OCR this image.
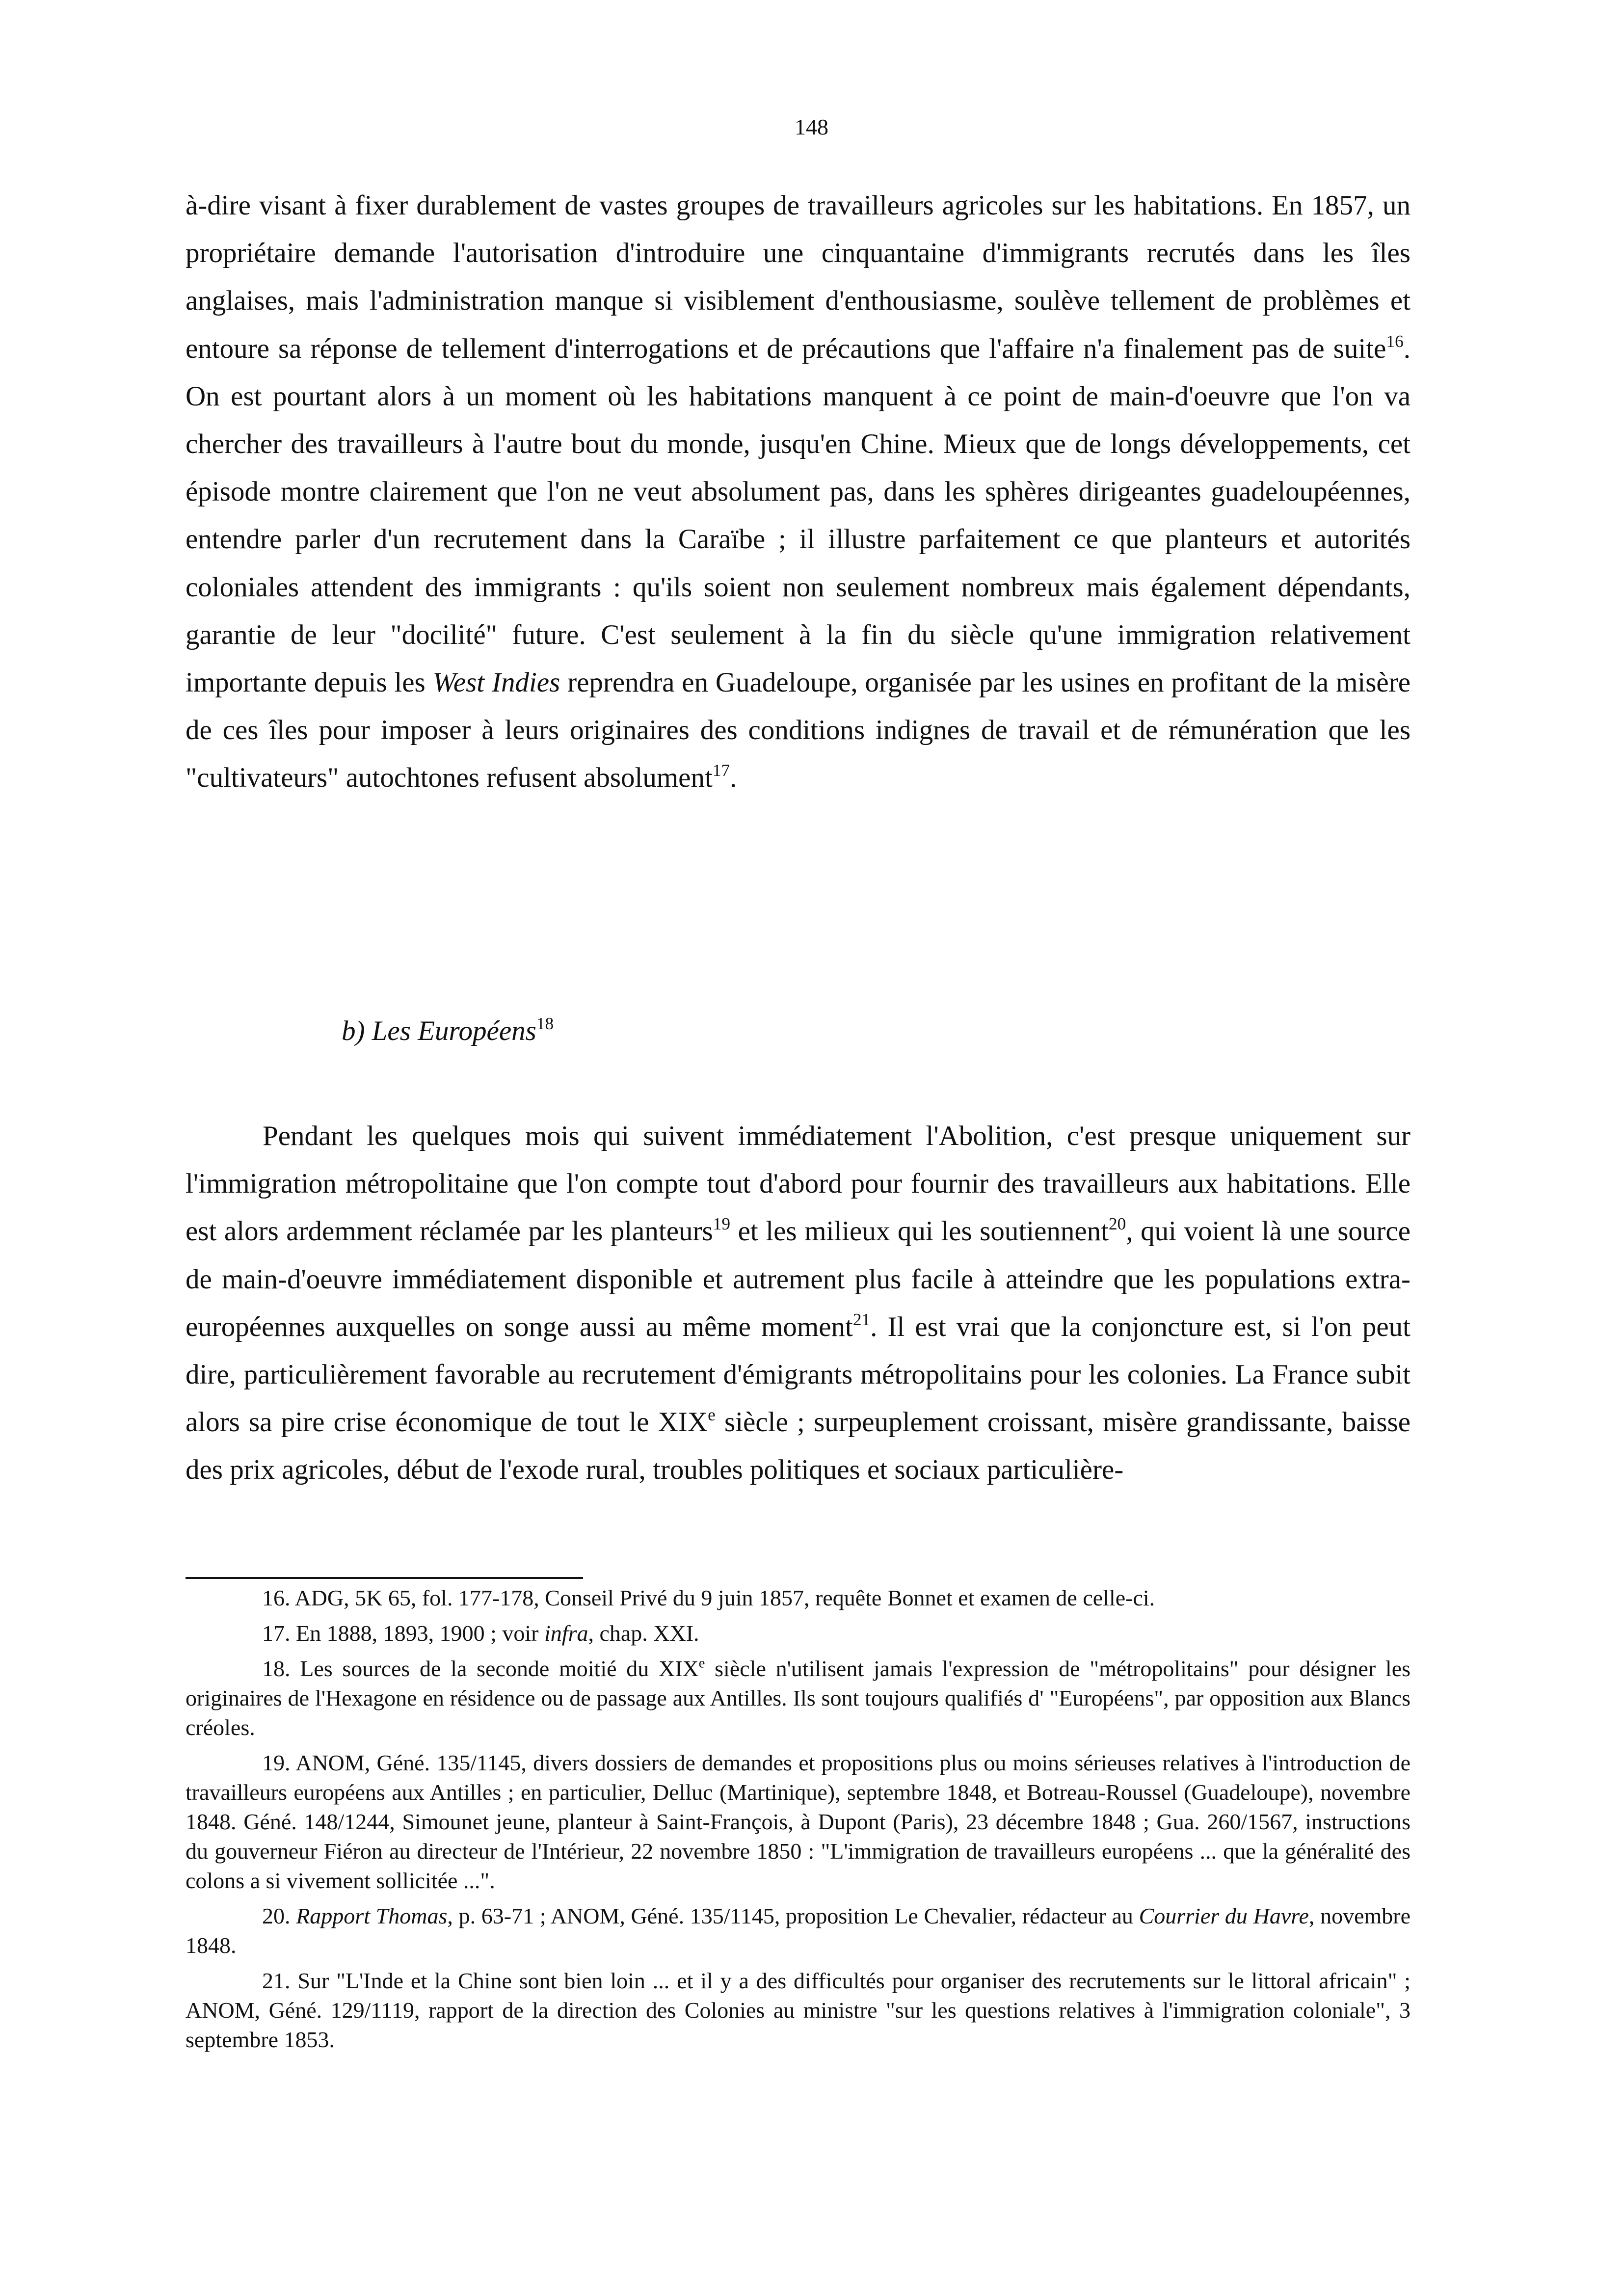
148

à-dire visant à fixer durablement de vastes groupes de travailleurs agricoles sur les habitations. En 1857, un propriétaire demande l'autorisation d'introduire une cinquantaine d'immigrants recrutés dans les îles anglaises, mais l'administration manque si visiblement d'enthousiasme, soulève tellement de problèmes et entoure sa réponse de tellement d'interrogations et de précautions que l'affaire n'a finalement pas de suite$^{16}$. On est pourtant alors à un moment où les habitations manquent à ce point de main-d'oeuvre que l'on va chercher des travailleurs à l'autre bout du monde, jusqu'en Chine. Mieux que de longs développements, cet épisode montre clairement que l'on ne veut absolument pas, dans les sphères dirigeantes guadeloupéennes, entendre parler d'un recrutement dans la Caraïbe ; il illustre parfaitement ce que planteurs et autorités coloniales attendent des immigrants : qu'ils soient non seulement nombreux mais également dépendants, garantie de leur "docilité" future. C'est seulement à la fin du siècle qu'une immigration relativement importante depuis les West Indies reprendra en Guadeloupe, organisée par les usines en profitant de la misère de ces îles pour imposer à leurs originaires des conditions indignes de travail et de rémunération que les "cultivateurs" autochtones refusent absolument$^{17}$.

b) Les Européens$^{18}$

Pendant les quelques mois qui suivent immédiatement l'Abolition, c'est presque uniquement sur l'immigration métropolitaine que l'on compte tout d'abord pour fournir des travailleurs aux habitations. Elle est alors ardemment réclamée par les planteurs$^{19}$ et les milieux qui les soutiennent$^{20}$, qui voient là une source de main-d'oeuvre immédiatement disponible et autrement plus facile à atteindre que les populations extra-européennes auxquelles on songe aussi au même moment$^{21}$. Il est vrai que la conjoncture est, si l'on peut dire, particulièrement favorable au recrutement d'émigrants métropolitains pour les colonies. La France subit alors sa pire crise économique de tout le XIXe siècle ; surpeuplement croissant, misère grandissante, baisse des prix agricoles, début de l'exode rural, troubles politiques et sociaux particulière-

16. ADG, 5K 65, fol. 177-178, Conseil Privé du 9 juin 1857, requête Bonnet et examen de celle-ci.

17. En 1888, 1893, 1900 ; voir infra, chap. XXI.

18. Les sources de la seconde moitié du XIXe siècle n'utilisent jamais l'expression de "métropolitains" pour désigner les originaires de l'Hexagone en résidence ou de passage aux Antilles. Ils sont toujours qualifiés d' "Européens", par opposition aux Blancs créoles.

19. ANOM, Géné. 135/1145, divers dossiers de demandes et propositions plus ou moins sérieuses relatives à l'introduction de travailleurs européens aux Antilles ; en particulier, Delluc (Martinique), septembre 1848, et Botreau-Roussel (Guadeloupe), novembre 1848. Géné. 148/1244, Simounet jeune, planteur à Saint-François, à Dupont (Paris), 23 décembre 1848 ; Gua. 260/1567, instructions du gouverneur Fiéron au directeur de l'Intérieur, 22 novembre 1850 : "L'immigration de travailleurs européens ... que la généralité des colons a si vivement sollicitée ...".

20. Rapport Thomas, p. 63-71 ; ANOM, Géné. 135/1145, proposition Le Chevalier, rédacteur au Courrier du Havre, novembre 1848.

21. Sur "L'Inde et la Chine sont bien loin ... et il y a des difficultés pour organiser des recrutements sur le littoral africain" ; ANOM, Géné. 129/1119, rapport de la direction des Colonies au ministre "sur les questions relatives à l'immigration coloniale", 3 septembre 1853.
